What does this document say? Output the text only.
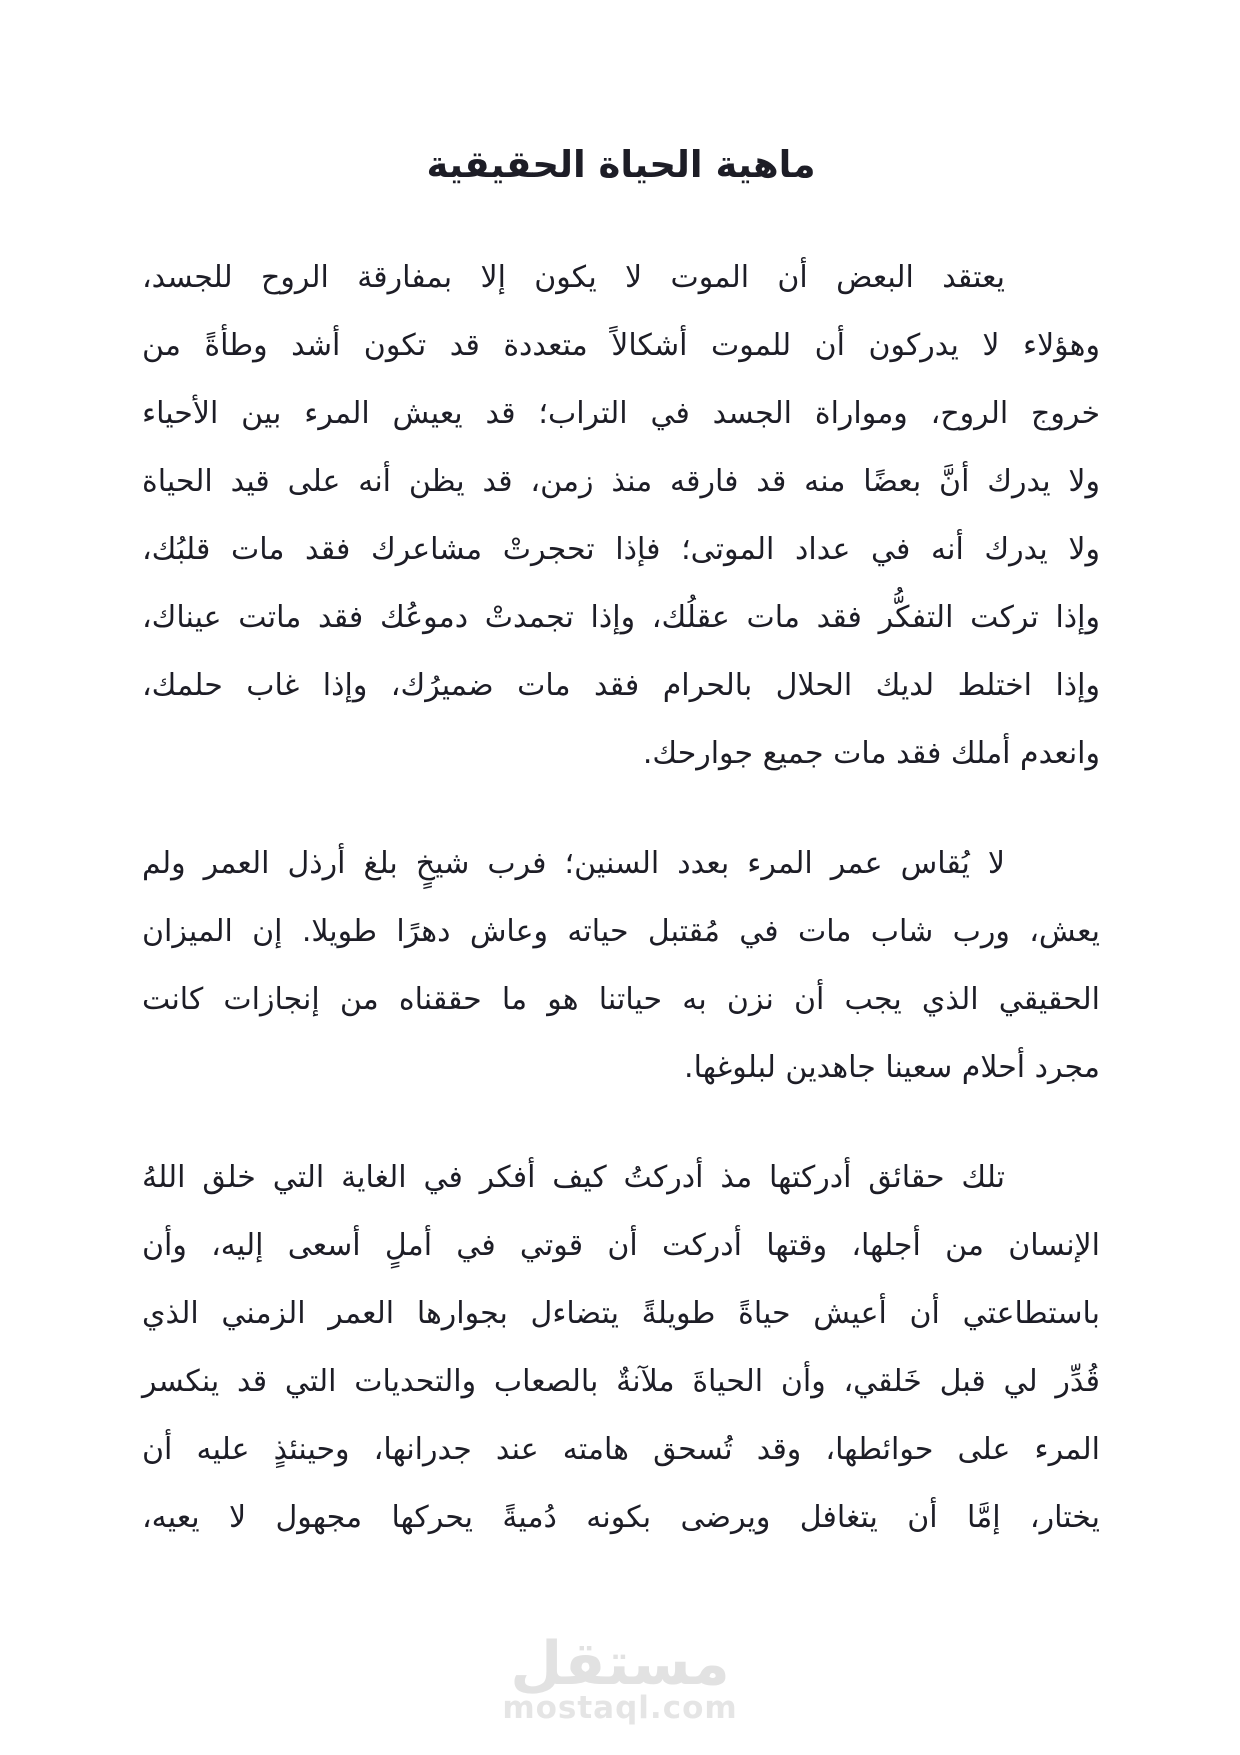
ماهية الحياة الحقيقية
يعتقد البعض أن الموت لا يكون إلا بمفارقة الروح للجسد،
وهؤلاء لا يدركون أن للموت أشكالاً متعددة قد تكون أشد وطأةً من
خروج الروح، ومواراة الجسد في التراب؛ قد يعيش المرء بين الأحياء
ولا يدرك أنَّ بعضًا منه قد فارقه منذ زمن، قد يظن أنه على قيد الحياة
ولا يدرك أنه في عداد الموتى؛ فإذا تحجرتْ مشاعرك فقد مات قلبُك،
وإذا تركت التفكُّر فقد مات عقلُك، وإذا تجمدتْ دموعُك فقد ماتت عيناك،
وإذا اختلط لديك الحلال بالحرام فقد مات ضميرُك، وإذا غاب حلمك،
وانعدم أملك فقد مات جميع جوارحك.
لا يُقاس عمر المرء بعدد السنين؛ فرب شيخٍ بلغ أرذل العمر ولم
يعش، ورب شاب مات في مُقتبل حياته وعاش دهرًا طويلا. إن الميزان
الحقيقي الذي يجب أن نزن به حياتنا هو ما حققناه من إنجازات كانت
مجرد أحلام سعينا جاهدين لبلوغها.
تلك حقائق أدركتها مذ أدركتُ كيف أفكر في الغاية التي خلق اللهُ
الإنسان من أجلها، وقتها أدركت أن قوتي في أملٍ أسعى إليه، وأن
باستطاعتي أن أعيش حياةً طويلةً يتضاءل بجوارها العمر الزمني الذي
قُدِّر لي قبل خَلقي، وأن الحياةَ ملآنةٌ بالصعاب والتحديات التي قد ينكسر
المرء على حوائطها، وقد تُسحق هامته عند جدرانها، وحينئذٍ عليه أن
يختار، إمَّا أن يتغافل ويرضى بكونه دُميةً يحركها مجهول لا يعيه،
مستقل
mostaql.com
